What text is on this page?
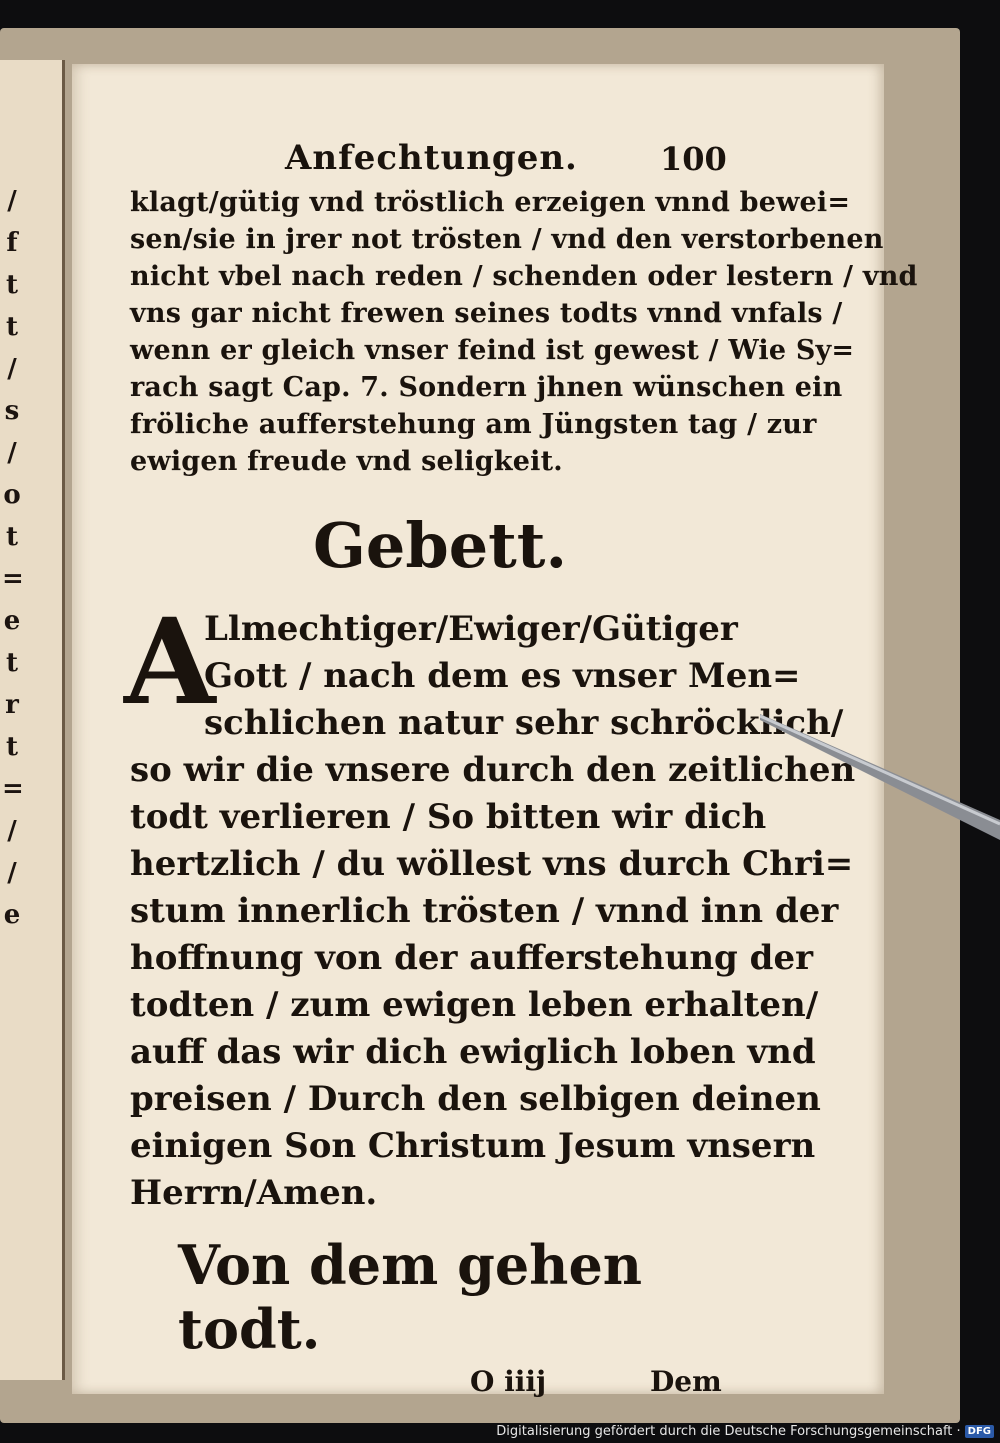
/
f
t
t
/
s
/
o
t
=
e
t
r
t
=
/
/
e
Anfechtungen.	100
klagt/gütig vnd tröstlich erzeigen vnnd bewei=
sen/sie in jrer not trösten / vnd den verstorbenen
nicht vbel nach reden / schenden oder lestern / vnd
vns gar nicht frewen seines todts vnnd vnfals /
wenn er gleich vnser feind ist gewest / Wie Sy=
rach sagt Cap. 7. Sondern jhnen wünschen ein
fröliche aufferstehung am Jüngsten tag / zur
ewigen freude vnd seligkeit.
Gebett.
A
Llmechtiger/Ewiger/Gütiger
Gott / nach dem es vnser Men=
schlichen natur sehr schröcklich/
so wir die vnsere durch den zeitlichen
todt verlieren / So bitten wir dich
hertzlich / du wöllest vns durch Chri=
stum innerlich trösten / vnnd inn der
hoffnung von der aufferstehung der
todten / zum ewigen leben erhalten/
auff das wir dich ewiglich loben vnd
preisen / Durch den selbigen deinen
einigen Son Christum Jesum vnsern
Herrn/Amen.
Von dem gehen todt.
O iiij	Dem
Digitalisierung gefördert durch die Deutsche Forschungsgemeinschaft · DFG
